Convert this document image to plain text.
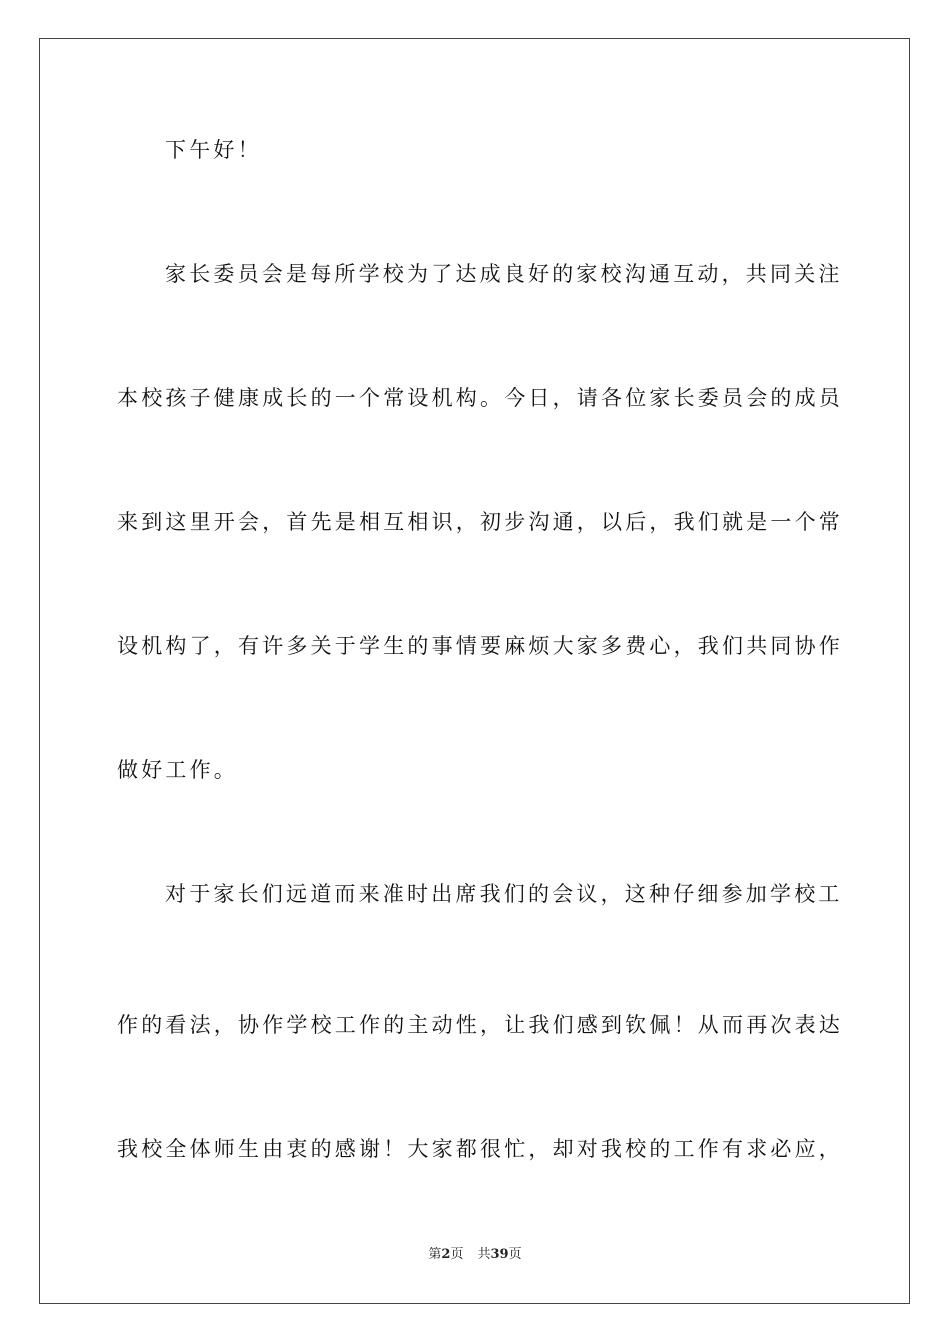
下午好！
家长委员会是每所学校为了达成良好的家校沟通互动，共同关注
本校孩子健康成长的一个常设机构。今日，请各位家长委员会的成员
来到这里开会，首先是相互相识，初步沟通，以后，我们就是一个常
设机构了，有许多关于学生的事情要麻烦大家多费心，我们共同协作
做好工作。
对于家长们远道而来准时出席我们的会议，这种仔细参加学校工
作的看法，协作学校工作的主动性，让我们感到钦佩！从而再次表达
我校全体师生由衷的感谢！大家都很忙，却对我校的工作有求必应，
第2页 共39页
